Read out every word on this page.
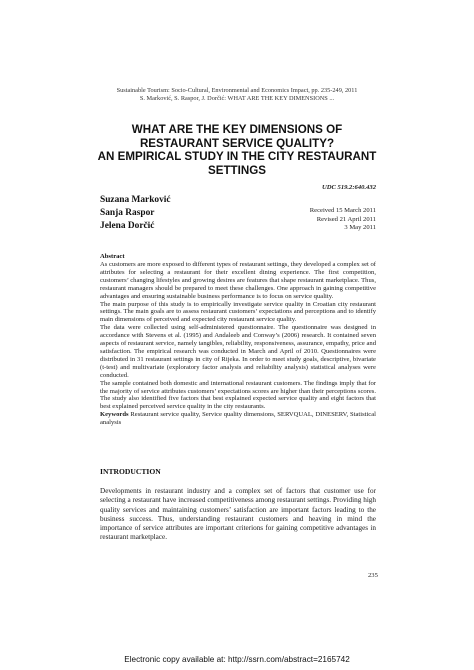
Sustainable Tourism: Socio-Cultural, Environmental and Economics Impact, pp. 235-249, 2011
S. Marković, S. Raspor, J. Dorčić: WHAT ARE THE KEY DIMENSIONS ...
WHAT ARE THE KEY DIMENSIONS OF
RESTAURANT SERVICE QUALITY?
AN EMPIRICAL STUDY IN THE CITY RESTAURANT
SETTINGS
UDC 519.2:640.432
Suzana Marković
Sanja Raspor
Jelena Dorčić
Received 15 March 2011
Revised 21 April 2011
3 May 2011
Abstract

As customers are more exposed to different types of restaurant settings, they developed a complex set of attributes for selecting a restaurant for their excellent dining experience. The first competition, customers’ changing lifestyles and growing desires are features that shape restaurant marketplace. Thus, restaurant managers should be prepared to meet these challenges. One approach in gaining competitive advantages and ensuring sustainable business performance is to focus on service quality.

The main purpose of this study is to empirically investigate service quality in Croatian city restaurant settings. The main goals are to assess restaurant customers’ expectations and perceptions and to identify main dimensions of perceived and expected city restaurant service quality.

The data were collected using self-administered questionnaire. The questionnaire was designed in accordance with Stevens et al. (1995) and Andaleeb and Conway’s (2006) research. It contained seven aspects of restaurant service, namely tangibles, reliability, responsiveness, assurance, empathy, price and satisfaction. The empirical research was conducted in March and April of 2010. Questionnaires were distributed in 31 restaurant settings in city of Rijeka. In order to meet study goals, descriptive, bivariate (t-test) and multivariate (exploratory factor analysis and reliability analysis) statistical analyses were conducted.

The sample contained both domestic and international restaurant customers. The findings imply that for the majority of service attributes customers’ expectations scores are higher than their perceptions scores. The study also identified five factors that best explained expected service quality and eight factors that best explained perceived service quality in the city restaurants.

Keywords Restaurant service quality, Service quality dimensions, SERVQUAL, DINESERV, Statistical analysis

INTRODUCTION
Developments in restaurant industry and a complex set of factors that customer use for selecting a restaurant have increased competitiveness among restaurant settings. Providing high quality services and maintaining customers’ satisfaction are important factors leading to the business success. Thus, understanding restaurant customers and heaving in mind the importance of service attributes are important criterions for gaining competitive advantages in restaurant marketplace.
235
Electronic copy available at: http://ssrn.com/abstract=2165742
